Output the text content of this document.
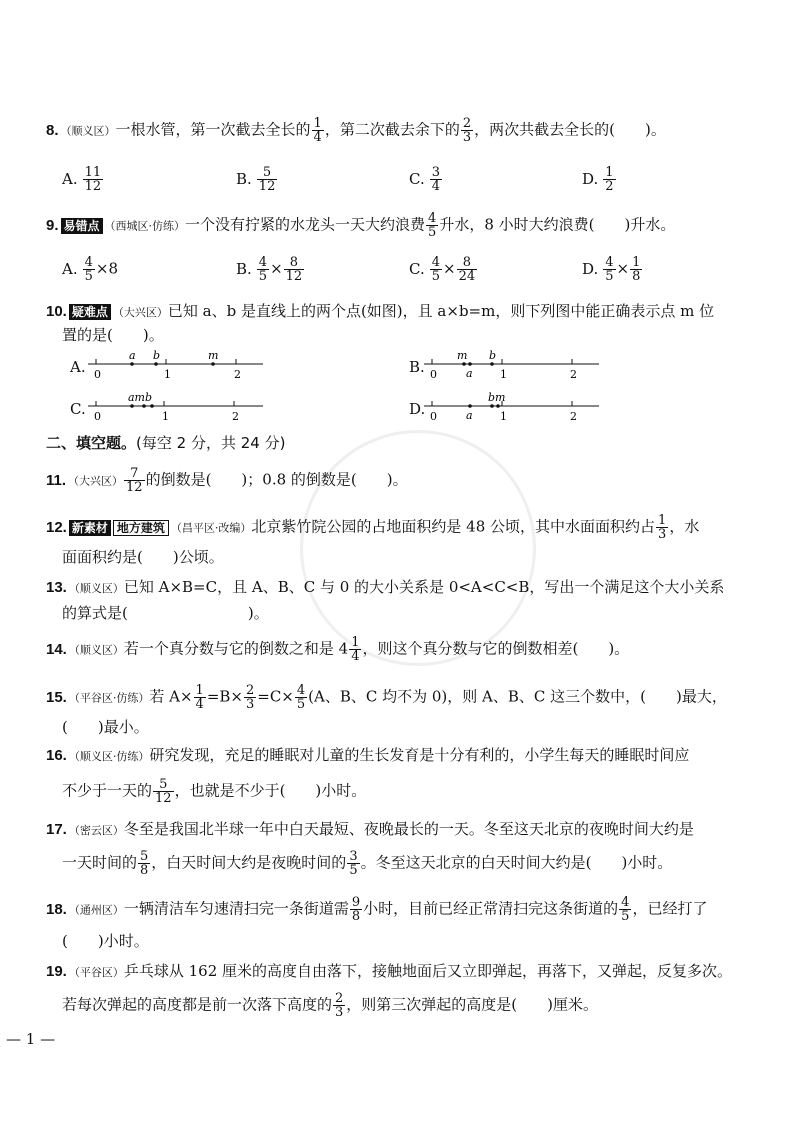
8. （顺义区）一根水管，第一次截去全长的 $\frac{1}{4}$ ，第二次截去余下的 $\frac{2}{3}$ ，两次共截去全长的(　　)。
A. $\frac{11}{12}$	B. $\frac{5}{12}$	C. $\frac{3}{4}$	D. $\frac{1}{2}$
9. 易错点 （西城区·仿练）一个没有拧紧的水龙头一天大约浪费 $\frac{4}{5}$ 升水，8 小时大约浪费(　　)升水。
A. $\frac{4}{5} \times 8$	B. $\frac{4}{5} \times \frac{8}{12}$	C. $\frac{4}{5} \times \frac{8}{24}$	D. $\frac{4}{5} \times \frac{1}{8}$
10. 疑难点 （大兴区）已知 a、b 是直线上的两个点(如图)，且 a×b=m，则下列图中能正确表示点 m 位
置的是(　　)。
A. 0	1	2
a b	m
B. 0	1	2
m
a
b
C. 0	1	2
amb
D. 0	1	2
a
bm
二、填空题。(每空 2 分，共 24 分)
11. （大兴区） $\frac{7}{12}$ 的倒数是(　　)；0.8 的倒数是(　　)。
12. 新素材 地方建筑 （昌平区·改编）北京紫竹院公园的占地面积约是 48 公顷，其中水面面积约占 $\frac{1}{3}$ ，水
面面积约是(　　)公顷。
13. （顺义区）已知 A×B=C，且 A、B、C 与 0 的大小关系是 0<A<C<B，写出一个满足这个大小关系
的算式是(　　　　　　　　)。
14. （顺义区）若一个真分数与它的倒数之和是 $4 \frac{1}{4}$ ，则这个真分数与它的倒数相差(　　)。
15. （平谷区·仿练）若 $A\times \frac{1}{4} =B\times \frac{2}{3} =C\times \frac{4}{5} (A$、B、C 均不为 0)，则 A、B、C 这三个数中，(　　)最大，
(　　)最小。
16. （顺义区·仿练）研究发现，充足的睡眠对儿童的生长发育是十分有利的，小学生每天的睡眠时间应
不少于一天的 $\frac{5}{12}$ ，也就是不少于(　　)小时。
17. （密云区）冬至是我国北半球一年中白天最短、夜晚最长的一天。冬至这天北京的夜晚时间大约是
一天时间的 $\frac{5}{8}$ ，白天时间大约是夜晚时间的 $\frac{3}{5}$ 。冬至这天北京的白天时间大约是(　　)小时。
18. （通州区）一辆清洁车匀速清扫完一条街道需 $\frac{9}{8}$ 小时，目前已经正常清扫完这条街道的 $\frac{4}{5}$ ，已经打了
(　　)小时。
19. （平谷区）乒乓球从 162 厘米的高度自由落下，接触地面后又立即弹起，再落下，又弹起，反复多次。
若每次弹起的高度都是前一次落下高度的 $\frac{2}{3}$ ，则第三次弹起的高度是(　　)厘米。
— 1 —
